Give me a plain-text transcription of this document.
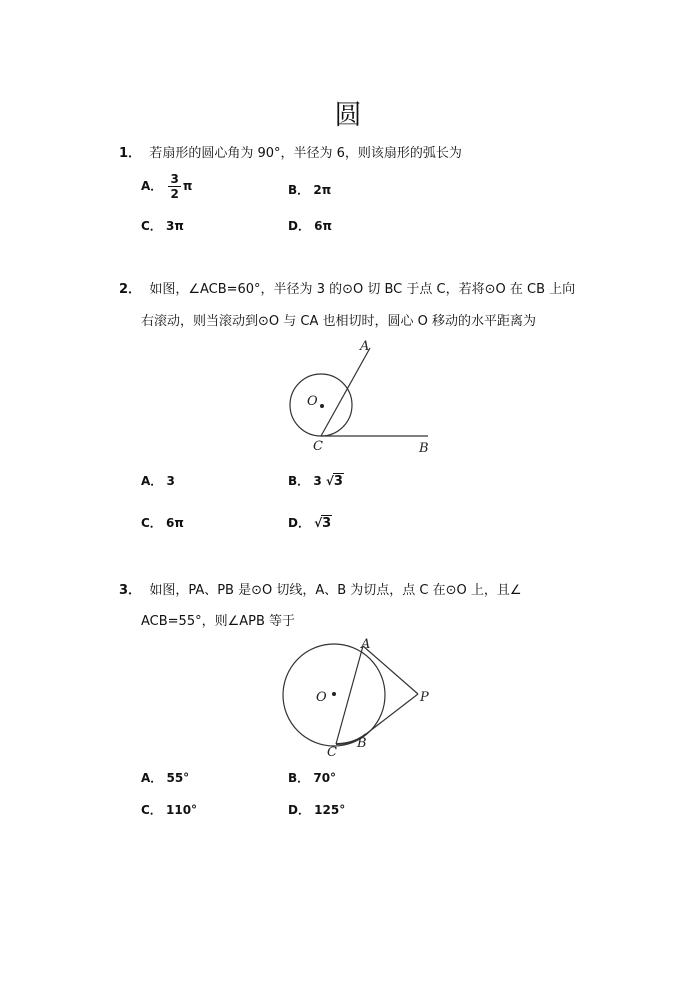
圆
1． 若扇形的圆心角为 90°，半径为 6，则该扇形的弧长为
A． $\frac{3}{2}$ π	B． 2π
C． 3π	D． 6π
2． 如图，∠ACB=60°，半径为 3 的⊙O 切 BC 于点 C，若将⊙O 在 CB 上向
右滚动，则当滚动到⊙O 与 CA 也相切时，圆心 O 移动的水平距离为
A
O
C	B
A． 3	B． 3 √3
C． 6π	D． √3
3． 如图，PA、PB 是⊙O 切线，A、B 为切点，点 C 在⊙O 上，且∠
ACB=55°，则∠APB 等于
A
O
C
B
P
A． 55°	B． 70°
C． 110°	D． 125°
